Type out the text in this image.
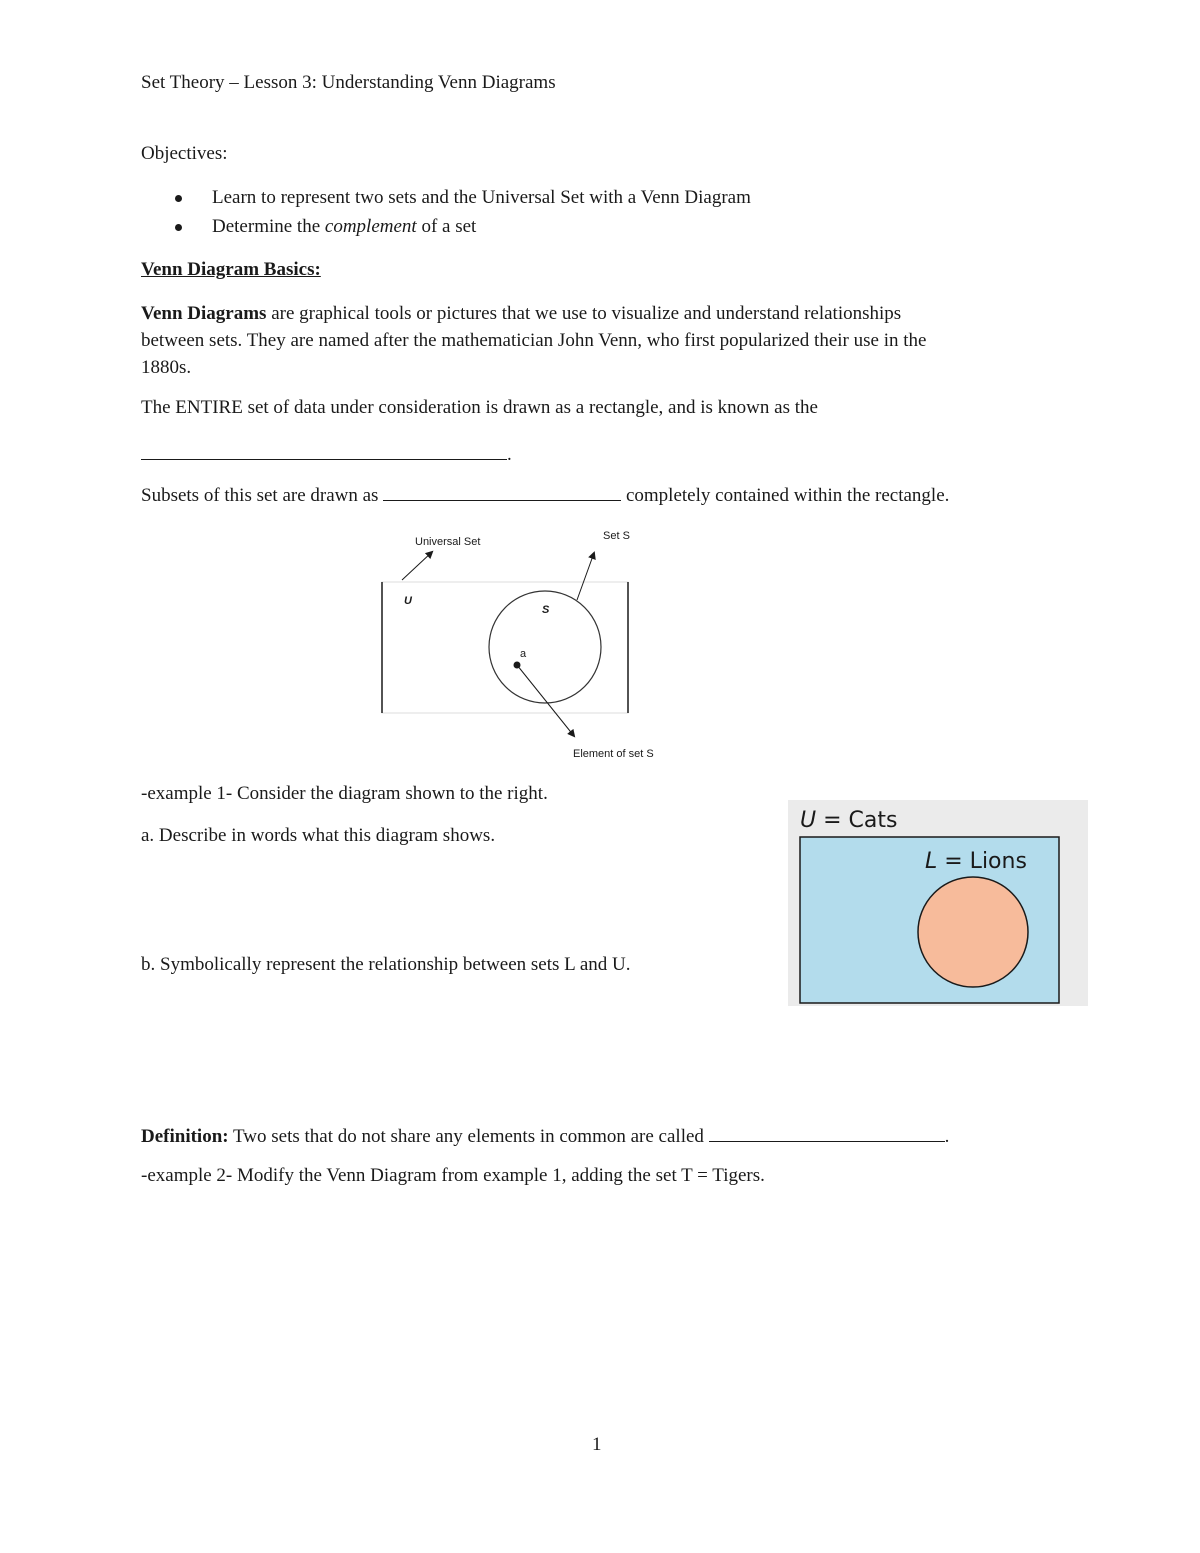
Set Theory – Lesson 3: Understanding Venn Diagrams
Objectives:
Learn to represent two sets and the Universal Set with a Venn Diagram
Determine the complement of a set
Venn Diagram Basics:
Venn Diagrams are graphical tools or pictures that we use to visualize and understand relationships
between sets. They are named after the mathematician John Venn, who first popularized their use in the
1880s.
The ENTIRE set of data under consideration is drawn as a rectangle, and is known as the
.
Subsets of this set are drawn as	completely contained within the rectangle.
Universal Set	Set S
U
S
a
Element of set S
-example 1- Consider the diagram shown to the right.
a. Describe in words what this diagram shows.
b. Symbolically represent the relationship between sets L and U.
U = Cats
L = Lions
Definition: Two sets that do not share any elements in common are called	.
-example 2- Modify the Venn Diagram from example 1, adding the set T = Tigers.
1
